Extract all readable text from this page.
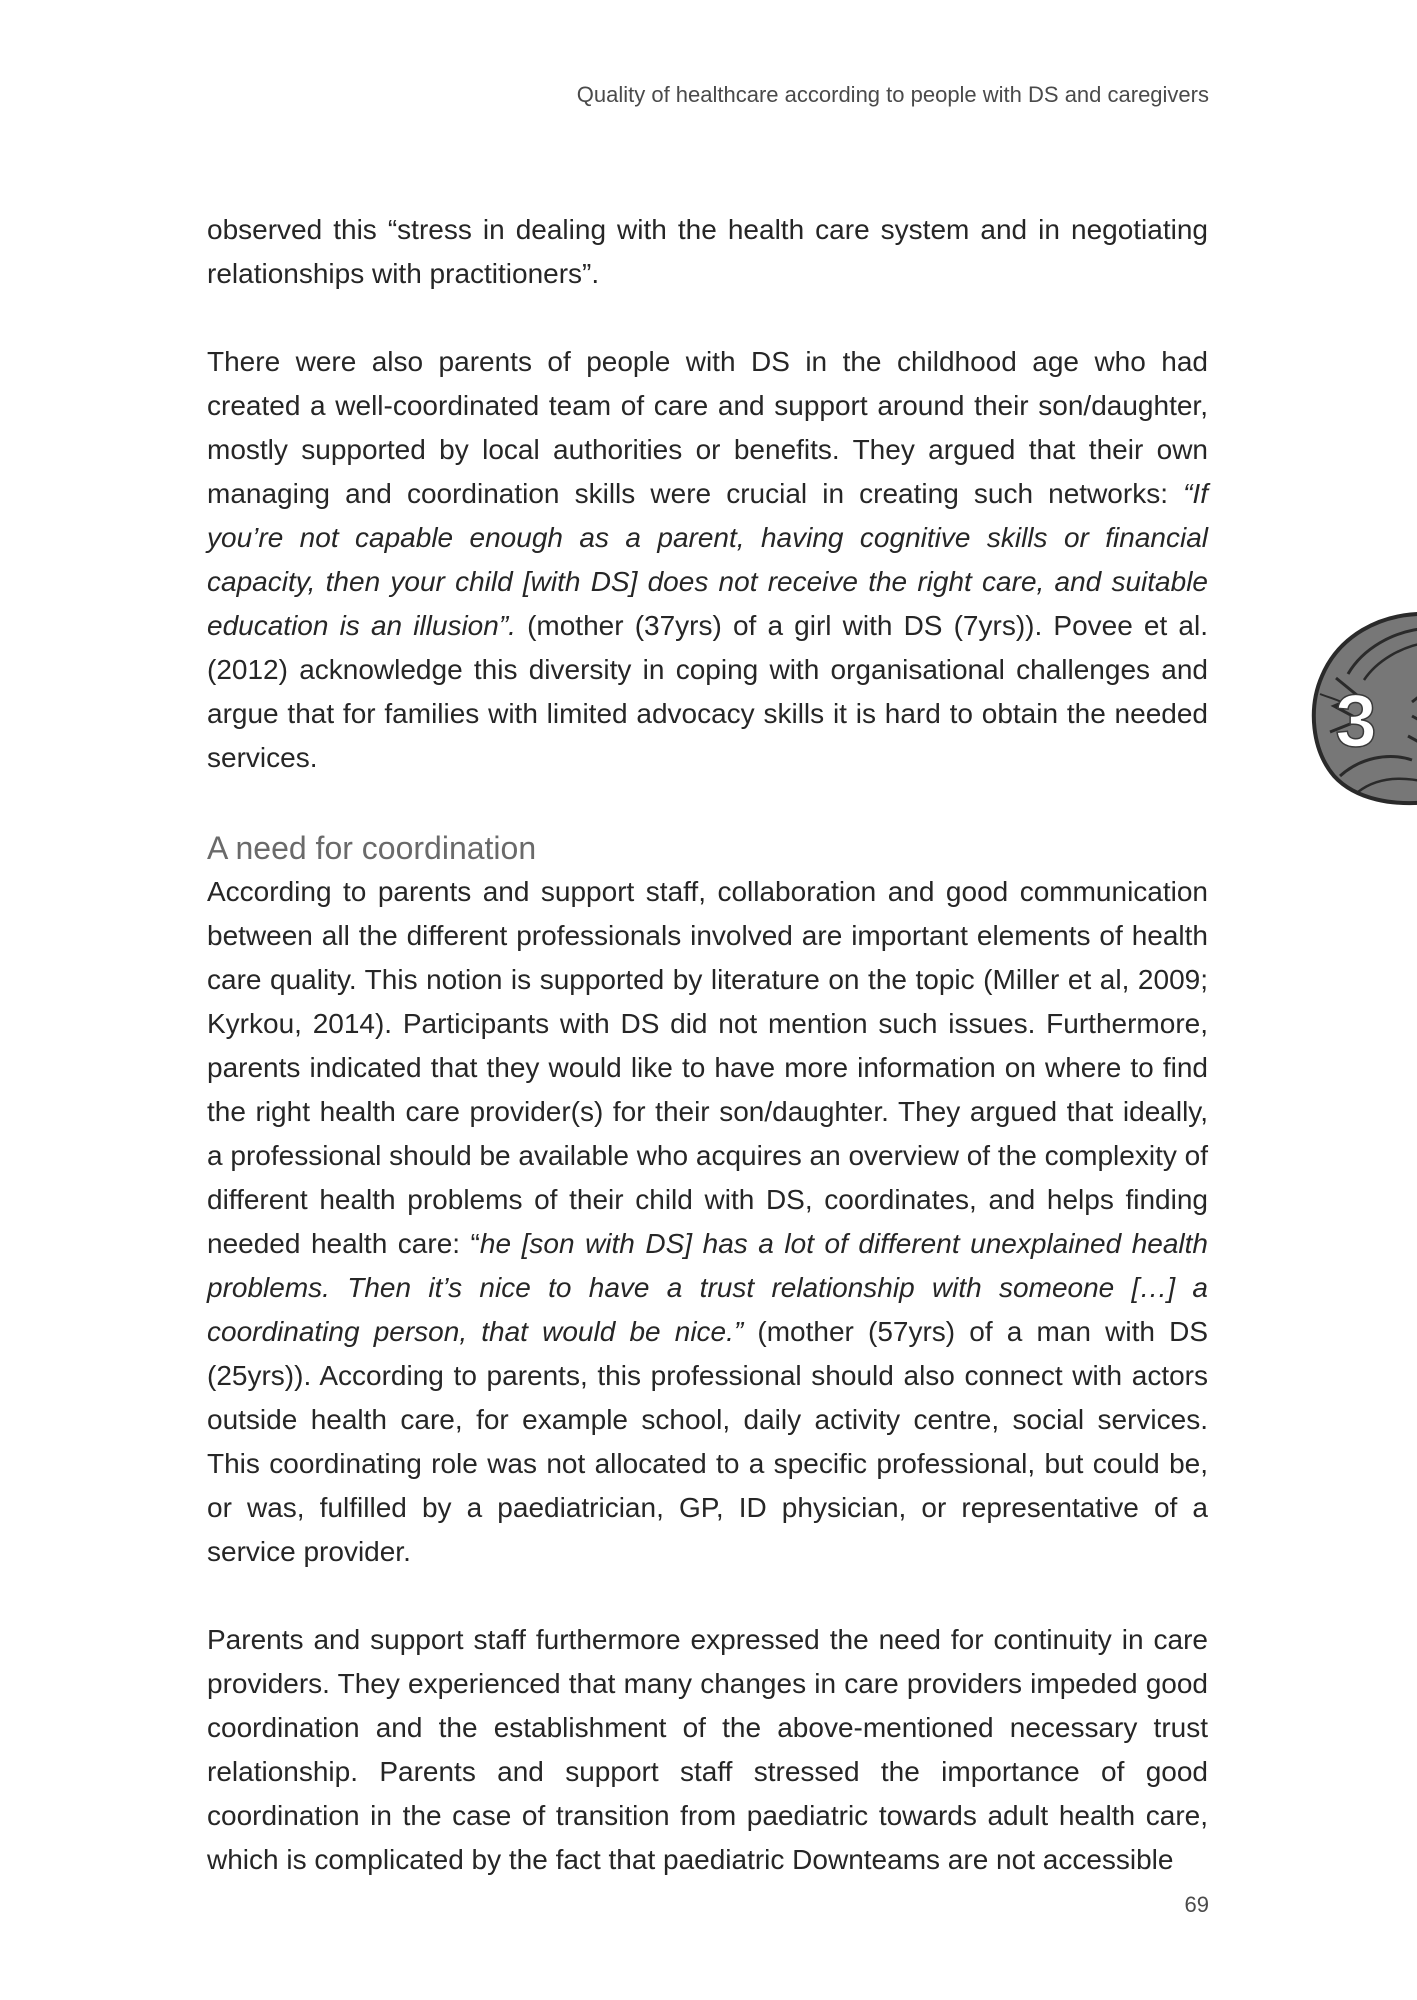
Quality of healthcare according to people with DS and caregivers
3

observed this “stress in dealing with the health care system and in negotiating relationships with practitioners”.

There were also parents of people with DS in the childhood age who had created a well-coordinated team of care and support around their son/daughter, mostly supported by local authorities or benefits. They argued that their own managing and coordination skills were crucial in creating such networks: “If you’re not capable enough as a parent, having cognitive skills or financial capacity, then your child [with DS] does not receive the right care, and suitable education is an illusion”. (mother (37yrs) of a girl with DS (7yrs)). Povee et al. (2012) acknowledge this diversity in coping with organisational challenges and argue that for families with limited advocacy skills it is hard to obtain the needed services.

A need for coordination

According to parents and support staff, collaboration and good communication between all the different professionals involved are important elements of health care quality. This notion is supported by literature on the topic (Miller et al, 2009; Kyrkou, 2014). Participants with DS did not mention such issues. Furthermore, parents indicated that they would like to have more information on where to find the right health care provider(s) for their son/daughter. They argued that ideally, a professional should be available who acquires an overview of the complexity of different health problems of their child with DS, coordinates, and helps finding needed health care: “he [son with DS] has a lot of different unexplained health problems. Then it’s nice to have a trust relationship with someone […] a coordinating person, that would be nice.” (mother (57yrs) of a man with DS (25yrs)). According to parents, this professional should also connect with actors outside health care, for example school, daily activity centre, social services. This coordinating role was not allocated to a specific professional, but could be, or was, fulfilled by a paediatrician, GP, ID physician, or representative of a service provider.

Parents and support staff furthermore expressed the need for continuity in care providers. They experienced that many changes in care providers impeded good coordination and the establishment of the above-mentioned necessary trust relationship. Parents and support staff stressed the importance of good coordination in the case of transition from paediatric towards adult health care, which is complicated by the fact that paediatric Downteams are not accessible

69
